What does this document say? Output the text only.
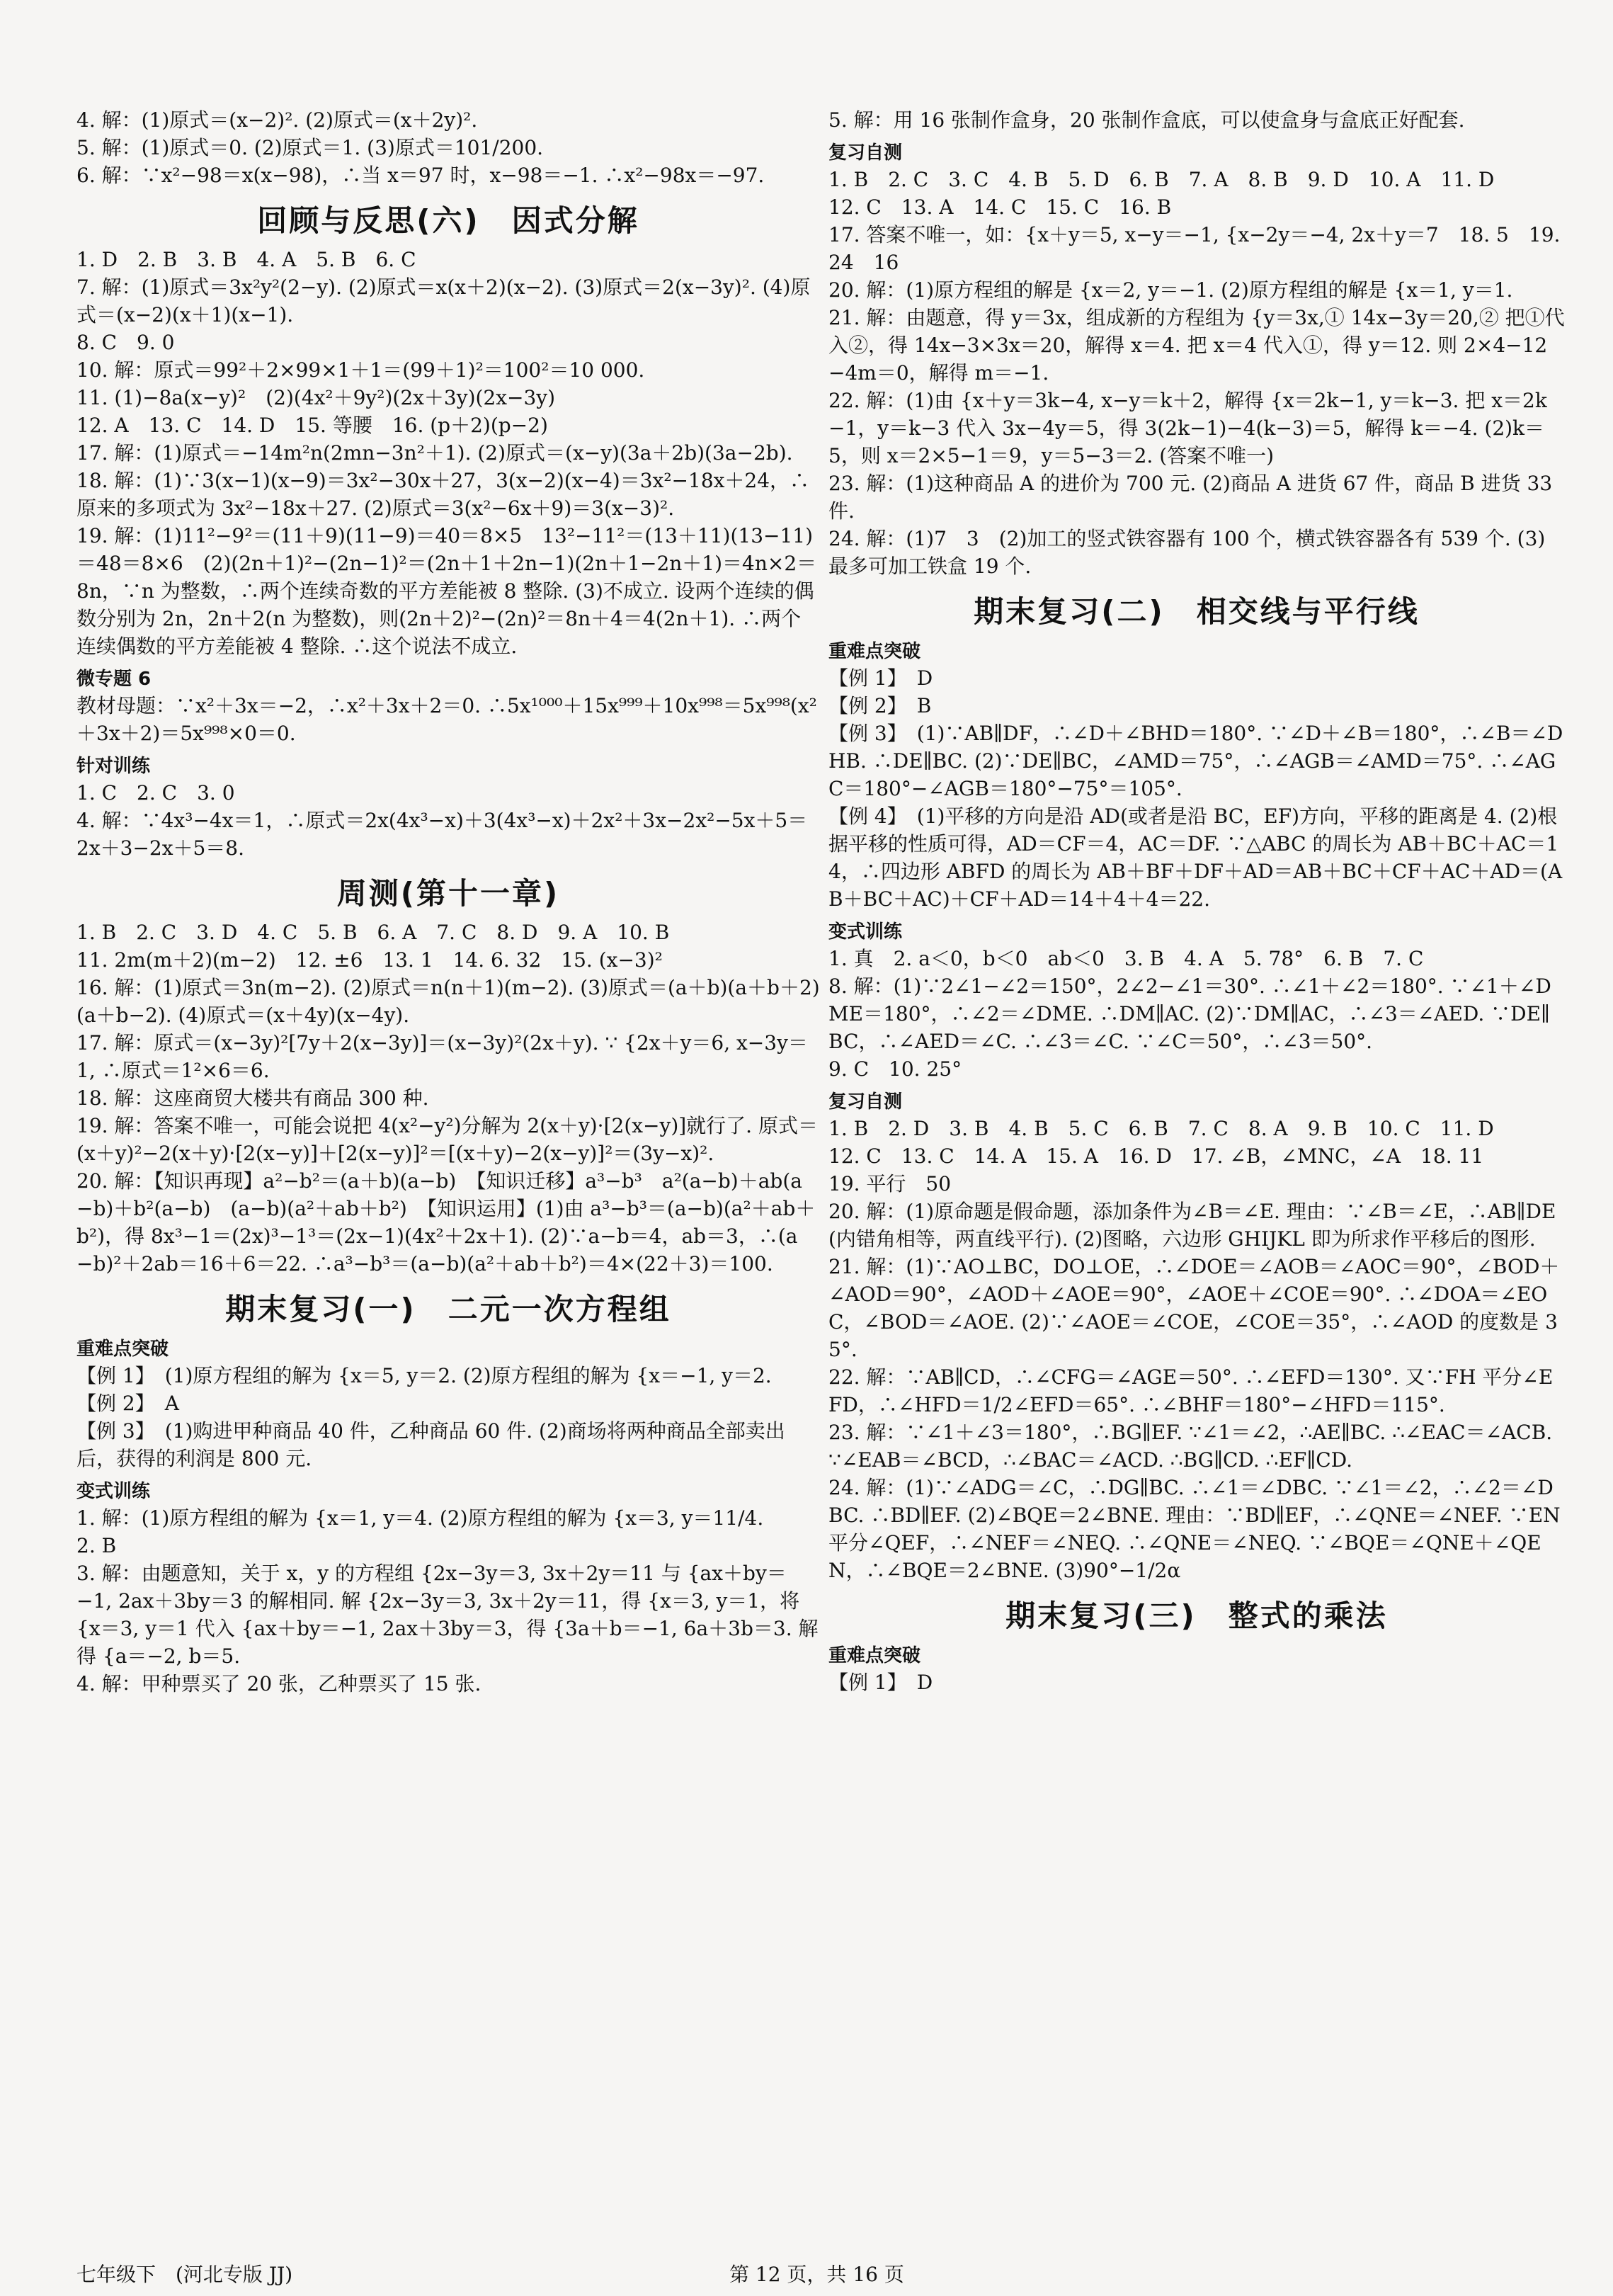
4. 解：(1)原式＝(x−2)². (2)原式＝(x＋2y)².

5. 解：(1)原式＝0. (2)原式＝1. (3)原式＝101/200.

6. 解：∵x²−98＝x(x−98)，∴当 x＝97 时，x−98＝−1. ∴x²−98x＝−97.

回顾与反思(六)　因式分解

1. D　2. B　3. B　4. A　5. B　6. C

7. 解：(1)原式＝3x²y²(2−y). (2)原式＝x(x＋2)(x−2). (3)原式＝2(x−3y)². (4)原式＝(x−2)(x＋1)(x−1).

8. C　9. 0

10. 解：原式＝99²＋2×99×1＋1＝(99＋1)²＝100²＝10 000.

11. (1)−8a(x−y)²　(2)(4x²＋9y²)(2x＋3y)(2x−3y)

12. A　13. C　14. D　15. 等腰　16. (p＋2)(p−2)

17. 解：(1)原式＝−14m²n(2mn−3n²＋1). (2)原式＝(x−y)(3a＋2b)(3a−2b).

18. 解：(1)∵3(x−1)(x−9)＝3x²−30x＋27，3(x−2)(x−4)＝3x²−18x＋24，∴原来的多项式为 3x²−18x＋27. (2)原式＝3(x²−6x＋9)＝3(x−3)².

19. 解：(1)11²−9²＝(11＋9)(11−9)＝40＝8×5　13²−11²＝(13＋11)(13−11)＝48＝8×6　(2)(2n＋1)²−(2n−1)²＝(2n＋1＋2n−1)(2n＋1−2n＋1)＝4n×2＝8n，∵n 为整数，∴两个连续奇数的平方差能被 8 整除. (3)不成立. 设两个连续的偶数分别为 2n，2n＋2(n 为整数)，则(2n＋2)²−(2n)²＝8n＋4＝4(2n＋1). ∴两个连续偶数的平方差能被 4 整除. ∴这个说法不成立.

微专题 6

教材母题：∵x²＋3x＝−2，∴x²＋3x＋2＝0. ∴5x¹⁰⁰⁰＋15x⁹⁹⁹＋10x⁹⁹⁸＝5x⁹⁹⁸(x²＋3x＋2)＝5x⁹⁹⁸×0＝0.

针对训练

1. C　2. C　3. 0

4. 解：∵4x³−4x＝1，∴原式＝2x(4x³−x)＋3(4x³−x)＋2x²＋3x−2x²−5x＋5＝2x＋3−2x＋5＝8.

周测(第十一章)

1. B　2. C　3. D　4. C　5. B　6. A　7. C　8. D　9. A　10. B

11. 2m(m＋2)(m−2)　12. ±6　13. 1　14. 6. 32　15. (x−3)²

16. 解：(1)原式＝3n(m−2). (2)原式＝n(n＋1)(m−2). (3)原式＝(a＋b)(a＋b＋2)(a＋b−2). (4)原式＝(x＋4y)(x−4y).

17. 解：原式＝(x−3y)²[7y＋2(x−3y)]＝(x−3y)²(2x＋y). ∵ {2x＋y＝6, x−3y＝1, ∴原式＝1²×6＝6.

18. 解：这座商贸大楼共有商品 300 种.

19. 解：答案不唯一，可能会说把 4(x²−y²)分解为 2(x＋y)·[2(x−y)]就行了. 原式＝(x＋y)²−2(x＋y)·[2(x−y)]＋[2(x−y)]²＝[(x＋y)−2(x−y)]²＝(3y−x)².

20. 解：【知识再现】a²−b²＝(a＋b)(a−b)　【知识迁移】a³−b³　a²(a−b)＋ab(a−b)＋b²(a−b)　(a−b)(a²＋ab＋b²)　【知识运用】(1)由 a³−b³＝(a−b)(a²＋ab＋b²)，得 8x³−1＝(2x)³−1³＝(2x−1)(4x²＋2x＋1). (2)∵a−b＝4，ab＝3，∴(a−b)²＋2ab＝16＋6＝22. ∴a³−b³＝(a−b)(a²＋ab＋b²)＝4×(22＋3)＝100.

期末复习(一)　二元一次方程组
重难点突破

【例 1】　(1)原方程组的解为 {x＝5, y＝2. (2)原方程组的解为 {x＝−1, y＝2.

【例 2】　A

【例 3】　(1)购进甲种商品 40 件，乙种商品 60 件. (2)商场将两种商品全部卖出后，获得的利润是 800 元.

变式训练

1. 解：(1)原方程组的解为 {x＝1, y＝4. (2)原方程组的解为 {x＝3, y＝11/4.

2. B

3. 解：由题意知，关于 x，y 的方程组 {2x−3y＝3, 3x＋2y＝11 与 {ax＋by＝−1, 2ax＋3by＝3 的解相同. 解 {2x−3y＝3, 3x＋2y＝11，得 {x＝3, y＝1，将 {x＝3, y＝1 代入 {ax＋by＝−1, 2ax＋3by＝3，得 {3a＋b＝−1, 6a＋3b＝3. 解得 {a＝−2, b＝5.

4. 解：甲种票买了 20 张，乙种票买了 15 张.

5. 解：用 16 张制作盒身，20 张制作盒底，可以使盒身与盒底正好配套.

复习自测

1. B　2. C　3. C　4. B　5. D　6. B　7. A　8. B　9. D　10. A　11. D

12. C　13. A　14. C　15. C　16. B

17. 答案不唯一，如：{x＋y＝5, x−y＝−1, {x−2y＝−4, 2x＋y＝7　18. 5　19. 24　16

20. 解：(1)原方程组的解是 {x＝2, y＝−1. (2)原方程组的解是 {x＝1, y＝1.

21. 解：由题意，得 y＝3x，组成新的方程组为 {y＝3x,① 14x−3y＝20,② 把①代入②，得 14x−3×3x＝20，解得 x＝4. 把 x＝4 代入①，得 y＝12. 则 2×4−12−4m＝0，解得 m＝−1.

22. 解：(1)由 {x＋y＝3k−4, x−y＝k＋2，解得 {x＝2k−1, y＝k−3. 把 x＝2k−1，y＝k−3 代入 3x−4y＝5，得 3(2k−1)−4(k−3)＝5，解得 k＝−4. (2)k＝5，则 x＝2×5−1＝9，y＝5−3＝2. (答案不唯一)

23. 解：(1)这种商品 A 的进价为 700 元. (2)商品 A 进货 67 件，商品 B 进货 33 件.

24. 解：(1)7　3　(2)加工的竖式铁容器有 100 个，横式铁容器各有 539 个. (3)最多可加工铁盒 19 个.

期末复习(二)　相交线与平行线
重难点突破

【例 1】　D

【例 2】　B

【例 3】　(1)∵AB∥DF，∴∠D＋∠BHD＝180°. ∵∠D＋∠B＝180°，∴∠B＝∠DHB. ∴DE∥BC. (2)∵DE∥BC，∠AMD＝75°，∴∠AGB＝∠AMD＝75°. ∴∠AGC＝180°−∠AGB＝180°−75°＝105°.

【例 4】　(1)平移的方向是沿 AD(或者是沿 BC，EF)方向，平移的距离是 4. (2)根据平移的性质可得，AD＝CF＝4，AC＝DF. ∵△ABC 的周长为 AB＋BC＋AC＝14，∴四边形 ABFD 的周长为 AB＋BF＋DF＋AD＝AB＋BC＋CF＋AC＋AD＝(AB＋BC＋AC)＋CF＋AD＝14＋4＋4＝22.

变式训练

1. 真　2. a＜0，b＜0　ab＜0　3. B　4. A　5. 78°　6. B　7. C

8. 解：(1)∵2∠1−∠2＝150°，2∠2−∠1＝30°. ∴∠1＋∠2＝180°. ∵∠1＋∠DME＝180°，∴∠2＝∠DME. ∴DM∥AC. (2)∵DM∥AC，∴∠3＝∠AED. ∵DE∥BC，∴∠AED＝∠C. ∴∠3＝∠C. ∵∠C＝50°，∴∠3＝50°.

9. C　10. 25°

复习自测

1. B　2. D　3. B　4. B　5. C　6. B　7. C　8. A　9. B　10. C　11. D

12. C　13. C　14. A　15. A　16. D　17. ∠B，∠MNC，∠A　18. 11

19. 平行　50

20. 解：(1)原命题是假命题，添加条件为∠B＝∠E. 理由：∵∠B＝∠E，∴AB∥DE(内错角相等，两直线平行). (2)图略，六边形 GHIJKL 即为所求作平移后的图形.

21. 解：(1)∵AO⊥BC，DO⊥OE，∴∠DOE＝∠AOB＝∠AOC＝90°，∠BOD＋∠AOD＝90°，∠AOD＋∠AOE＝90°，∠AOE＋∠COE＝90°. ∴∠DOA＝∠EOC，∠BOD＝∠AOE. (2)∵∠AOE＝∠COE，∠COE＝35°，∴∠AOD 的度数是 35°.

22. 解：∵AB∥CD，∴∠CFG＝∠AGE＝50°. ∴∠EFD＝130°. 又∵FH 平分∠EFD，∴∠HFD＝1/2∠EFD＝65°. ∴∠BHF＝180°−∠HFD＝115°.

23. 解：∵∠1＋∠3＝180°，∴BG∥EF. ∵∠1＝∠2，∴AE∥BC. ∴∠EAC＝∠ACB. ∵∠EAB＝∠BCD，∴∠BAC＝∠ACD. ∴BG∥CD. ∴EF∥CD.

24. 解：(1)∵∠ADG＝∠C，∴DG∥BC. ∴∠1＝∠DBC. ∵∠1＝∠2，∴∠2＝∠DBC. ∴BD∥EF. (2)∠BQE＝2∠BNE. 理由：∵BD∥EF，∴∠QNE＝∠NEF. ∵EN 平分∠QEF，∴∠NEF＝∠NEQ. ∴∠QNE＝∠NEQ. ∵∠BQE＝∠QNE＋∠QEN，∴∠BQE＝2∠BNE. (3)90°−1/2α

期末复习(三)　整式的乘法
重难点突破

【例 1】　D

七年级下　(河北专版 JJ)	第 12 页，共 16 页
